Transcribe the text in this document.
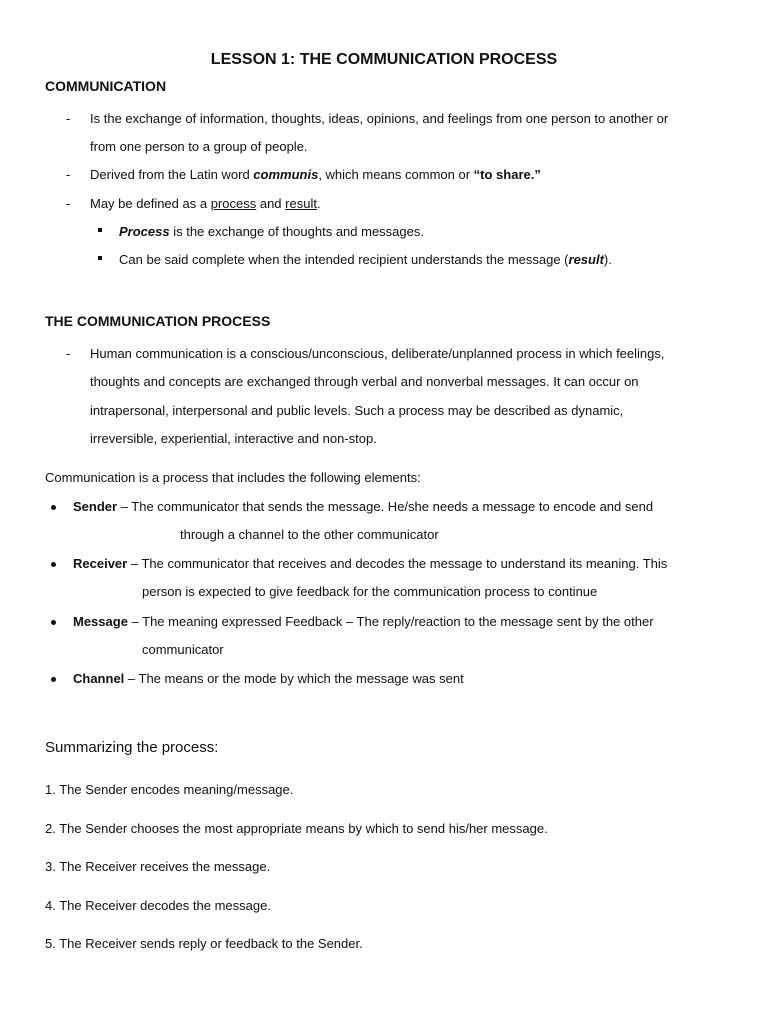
LESSON 1: THE COMMUNICATION PROCESS
COMMUNICATION
- Is the exchange of information, thoughts, ideas, opinions, and feelings from one person to another or
from one person to a group of people.
- Derived from the Latin word communis, which means common or “to share.”
- May be defined as a process and result.
Process is the exchange of thoughts and messages.
Can be said complete when the intended recipient understands the message (result).
THE COMMUNICATION PROCESS
- Human communication is a conscious/unconscious, deliberate/unplanned process in which feelings,
thoughts and concepts are exchanged through verbal and nonverbal messages. It can occur on
intrapersonal, interpersonal and public levels. Such a process may be described as dynamic,
irreversible, experiential, interactive and non-stop.
Communication is a process that includes the following elements:
Sender – The communicator that sends the message. He/she needs a message to encode and send
through a channel to the other communicator
Receiver – The communicator that receives and decodes the message to understand its meaning. This
person is expected to give feedback for the communication process to continue
Message – The meaning expressed Feedback – The reply/reaction to the message sent by the other
communicator
Channel – The means or the mode by which the message was sent
Summarizing the process:
1. The Sender encodes meaning/message.
2. The Sender chooses the most appropriate means by which to send his/her message.
3. The Receiver receives the message.
4. The Receiver decodes the message.
5. The Receiver sends reply or feedback to the Sender.
